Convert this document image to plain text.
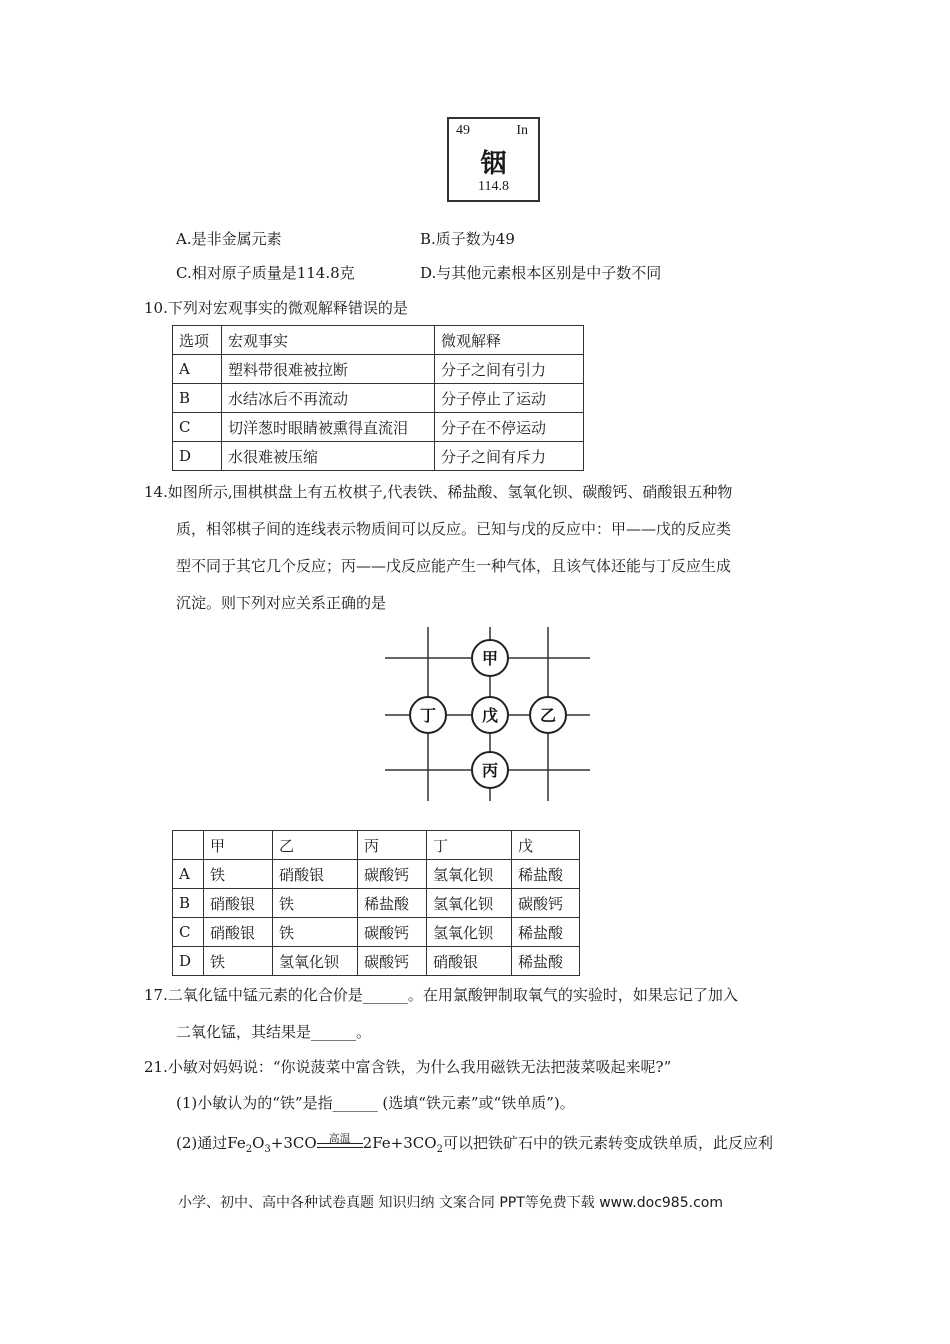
49	In
铟
114.8
A.是非金属元素	B.质子数为49
C.相对原子质量是114.8克	D.与其他元素根本区别是中子数不同
10.下列对宏观事实的微观解释错误的是
选项	宏观事实	微观解释
A	塑料带很难被拉断	分子之间有引力
B	水结冰后不再流动	分子停止了运动
C	切洋葱时眼睛被熏得直流泪	分子在不停运动
D	水很难被压缩	分子之间有斥力
14.如图所示,围棋棋盘上有五枚棋子,代表铁、稀盐酸、氢氧化钡、碳酸钙、硝酸银五种物
质，相邻棋子间的连线表示物质间可以反应。已知与戊的反应中：甲——戊的反应类
型不同于其它几个反应；丙——戊反应能产生一种气体，且该气体还能与丁反应生成
沉淀。则下列对应关系正确的是
甲
丁	戊	乙
丙
	甲	乙	丙	丁	戊
A	铁	硝酸银	碳酸钙	氢氧化钡	稀盐酸
B	硝酸银	铁	稀盐酸	氢氧化钡	碳酸钙
C	硝酸银	铁	碳酸钙	氢氧化钡	稀盐酸
D	铁	氢氧化钡	碳酸钙	硝酸银	稀盐酸
17.二氧化锰中锰元素的化合价是______。在用氯酸钾制取氧气的实验时，如果忘记了加入
二氧化锰，其结果是______。
21.小敏对妈妈说：“你说菠菜中富含铁，为什么我用磁铁无法把菠菜吸起来呢?”
(1)小敏认为的“铁”是指______ (选填“铁元素”或“铁单质”)。
(2)通过$Fe_2O_3+3CO$ 高温 $2Fe+3CO_2$可以把铁矿石中的铁元素转变成铁单质，此反应利
小学、初中、高中各种试卷真题 知识归纳 文案合同 PPT等免费下载 www.doc985.com
